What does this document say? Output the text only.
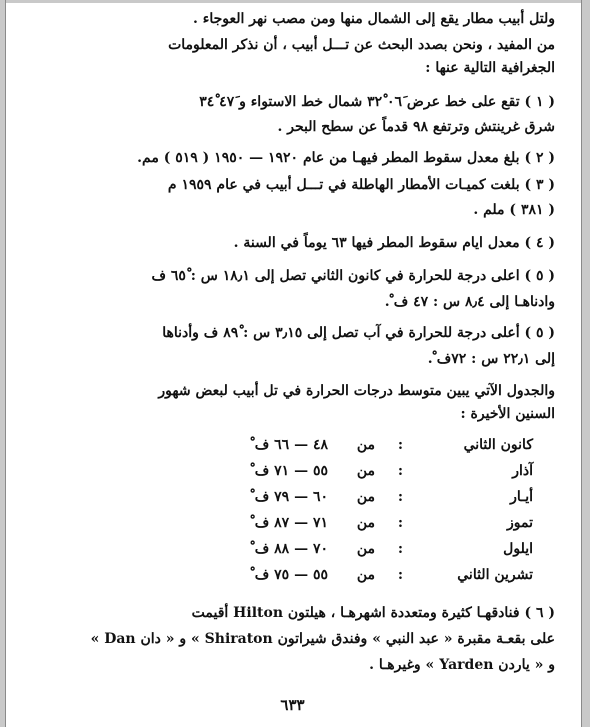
ولتل أبيب مطار يقع إلى الشمال منها ومن مصب نهر العوجاء .
من المفيد ، ونحن بصدد البحث عن تـــل أبيب ، أن نذكر المعلومات
الجغرافية التالية عنها :
( ١ ) تقع على خط عرض ٠٦َ ٣٢ْ شمال خط الاستواء و ٤٧َ ٣٤ْ
شرق غرينتش وترتفع ٩٨ قدماً عن سطح البحر .
( ٢ ) بلغ معدل سقوط المطر فيهـا من عام ١٩٢٠ — ١٩٥٠ ( ٥١٩ ) مم.
( ٣ ) بلغت كميـات الأمطار الهاطلة في تـــل أبيب في عام ١٩٥٩ م
( ٣٨١ ) ملم .
( ٤ ) معدل ايام سقوط المطر فيها ٦٣ يوماً في السنة .
( ٥ ) اعلى درجة للحرارة في كانون الثاني تصل إلى ١٨٫١ س : ٦٥ْ ف
وادناهـا إلى ٨٫٤ س : ٤٧ ف ْ.
( ٥ ) أعلى درجة للحرارة في آب تصل إلى ٣٫١٥ س : ٨٩ْ ف وأدناها
إلى ٢٢٫١ س : ٧٢ف ْ.
والجدول الآتي يبين متوسط درجات الحرارة في تل أبيب لبعض شهور
السنين الأخيرة :
كانون الثاني
:
من
٤٨ — ٦٦ ف ْ
آذار
:
من
٥٥ — ٧١ ف ْ
أيـار
:
من
٦٠ — ٧٩ ف ْ
تموز
:
من
٧١ — ٨٧ ف ْ
ايلول
:
من
٧٠ — ٨٨ ف ْ
تشرين الثاني
:
من
٥٥ — ٧٥ ف ْ
( ٦ ) فنادقهـا كثيرة ومتعددة اشهرهـا ، هيلتون Hilton أقيمت
على بقعـة مقبرة « عبد النبي » وفندق شيراتون Shiraton » و « دان Dan »
و « ياردن Yarden » وغيرهـا .
٦٣٣
